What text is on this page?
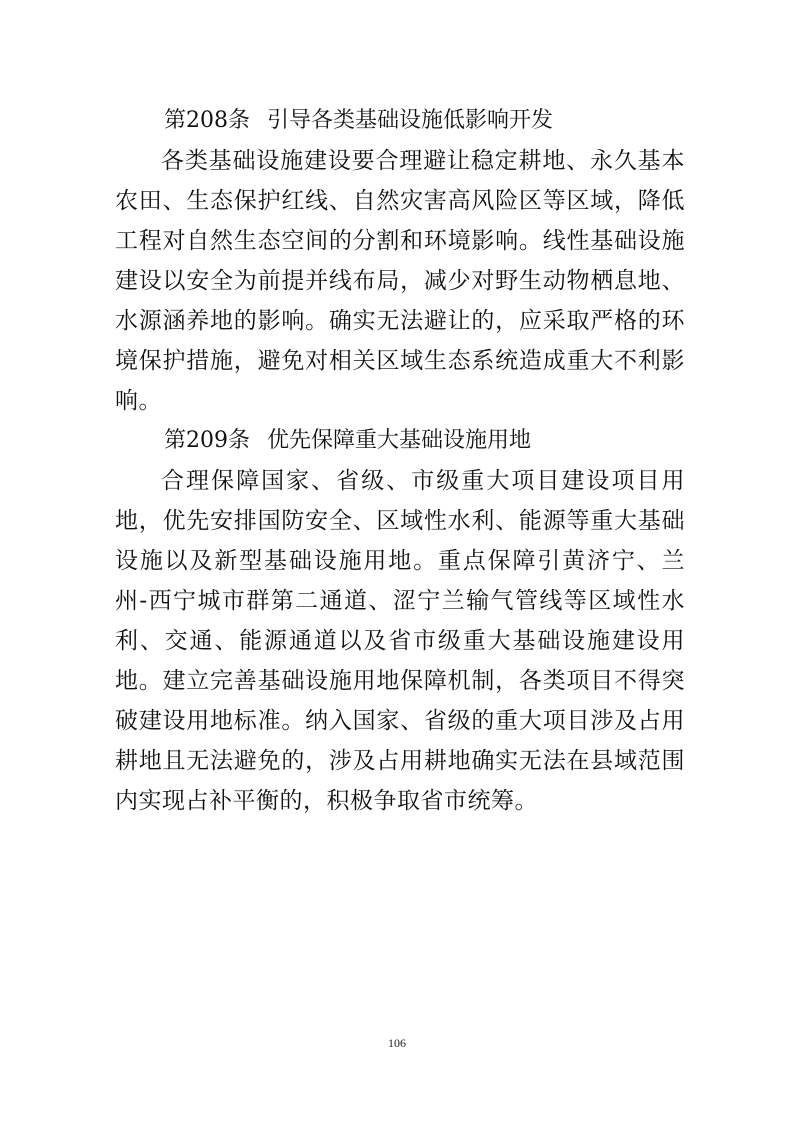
第208条 引导各类基础设施低影响开发

各类基础设施建设要合理避让稳定耕地、永久基本农田、生态保护红线、自然灾害高风险区等区域，降低工程对自然生态空间的分割和环境影响。线性基础设施建设以安全为前提并线布局，减少对野生动物栖息地、水源涵养地的影响。确实无法避让的，应采取严格的环境保护措施，避免对相关区域生态系统造成重大不利影响。

第209条 优先保障重大基础设施用地

合理保障国家、省级、市级重大项目建设项目用地，优先安排国防安全、区域性水利、能源等重大基础设施以及新型基础设施用地。重点保障引黄济宁、兰州-西宁城市群第二通道、涩宁兰输气管线等区域性水利、交通、能源通道以及省市级重大基础设施建设用地。建立完善基础设施用地保障机制，各类项目不得突破建设用地标准。纳入国家、省级的重大项目涉及占用耕地且无法避免的，涉及占用耕地确实无法在县域范围内实现占补平衡的，积极争取省市统筹。

106
